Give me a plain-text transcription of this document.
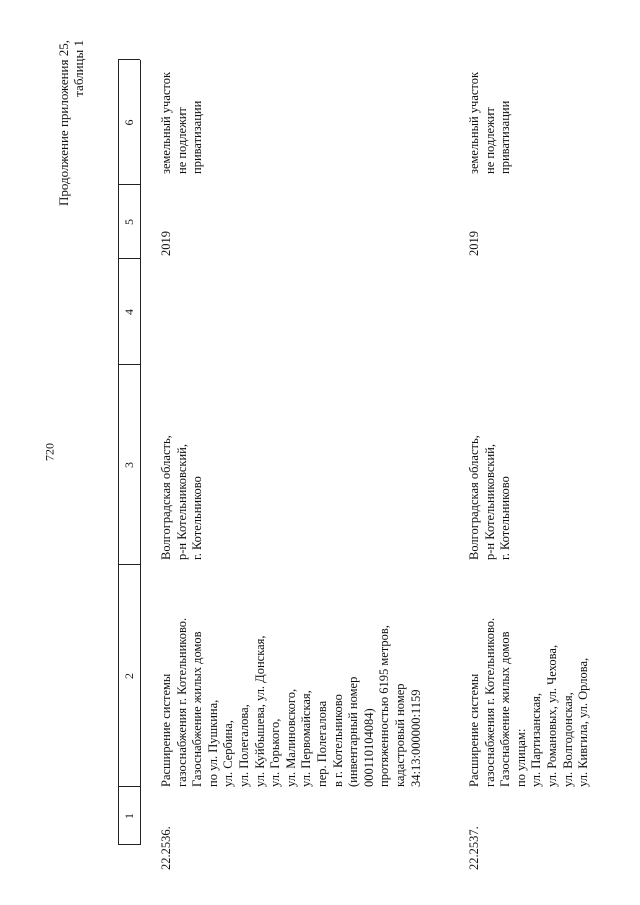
720
Продолжение приложения 25, таблицы 1
1
2
3
4
5
6
22.2536.
Расширение системы
газоснабжения г. Котельниково.
Газоснабжение жилых домов
по ул. Пушкина,
ул. Сербина,
ул. Полегалова,
ул. Куйбышева, ул. Донская,
ул. Горького,
ул. Малиновского,
ул. Первомайская,
пер. Полегалова
в г. Котельниково
(инвентарный номер
000110104084)
протяженностью 6195 метров,
кадастровый номер
34:13:000000:1159
Волгоградская область,
р-н Котельниковский,
г. Котельниково
2019
земельный участок
не подлежит
приватизации
22.2537.
Расширение системы
газоснабжения г. Котельниково.
Газоснабжение жилых домов
по улицам:
ул. Партизанская,
ул. Романовых, ул. Чехова,
ул. Волгодонская,
ул. Кивгила, ул. Орлова,
Волгоградская область,
р-н Котельниковский,
г. Котельниково
2019
земельный участок
не подлежит
приватизации
